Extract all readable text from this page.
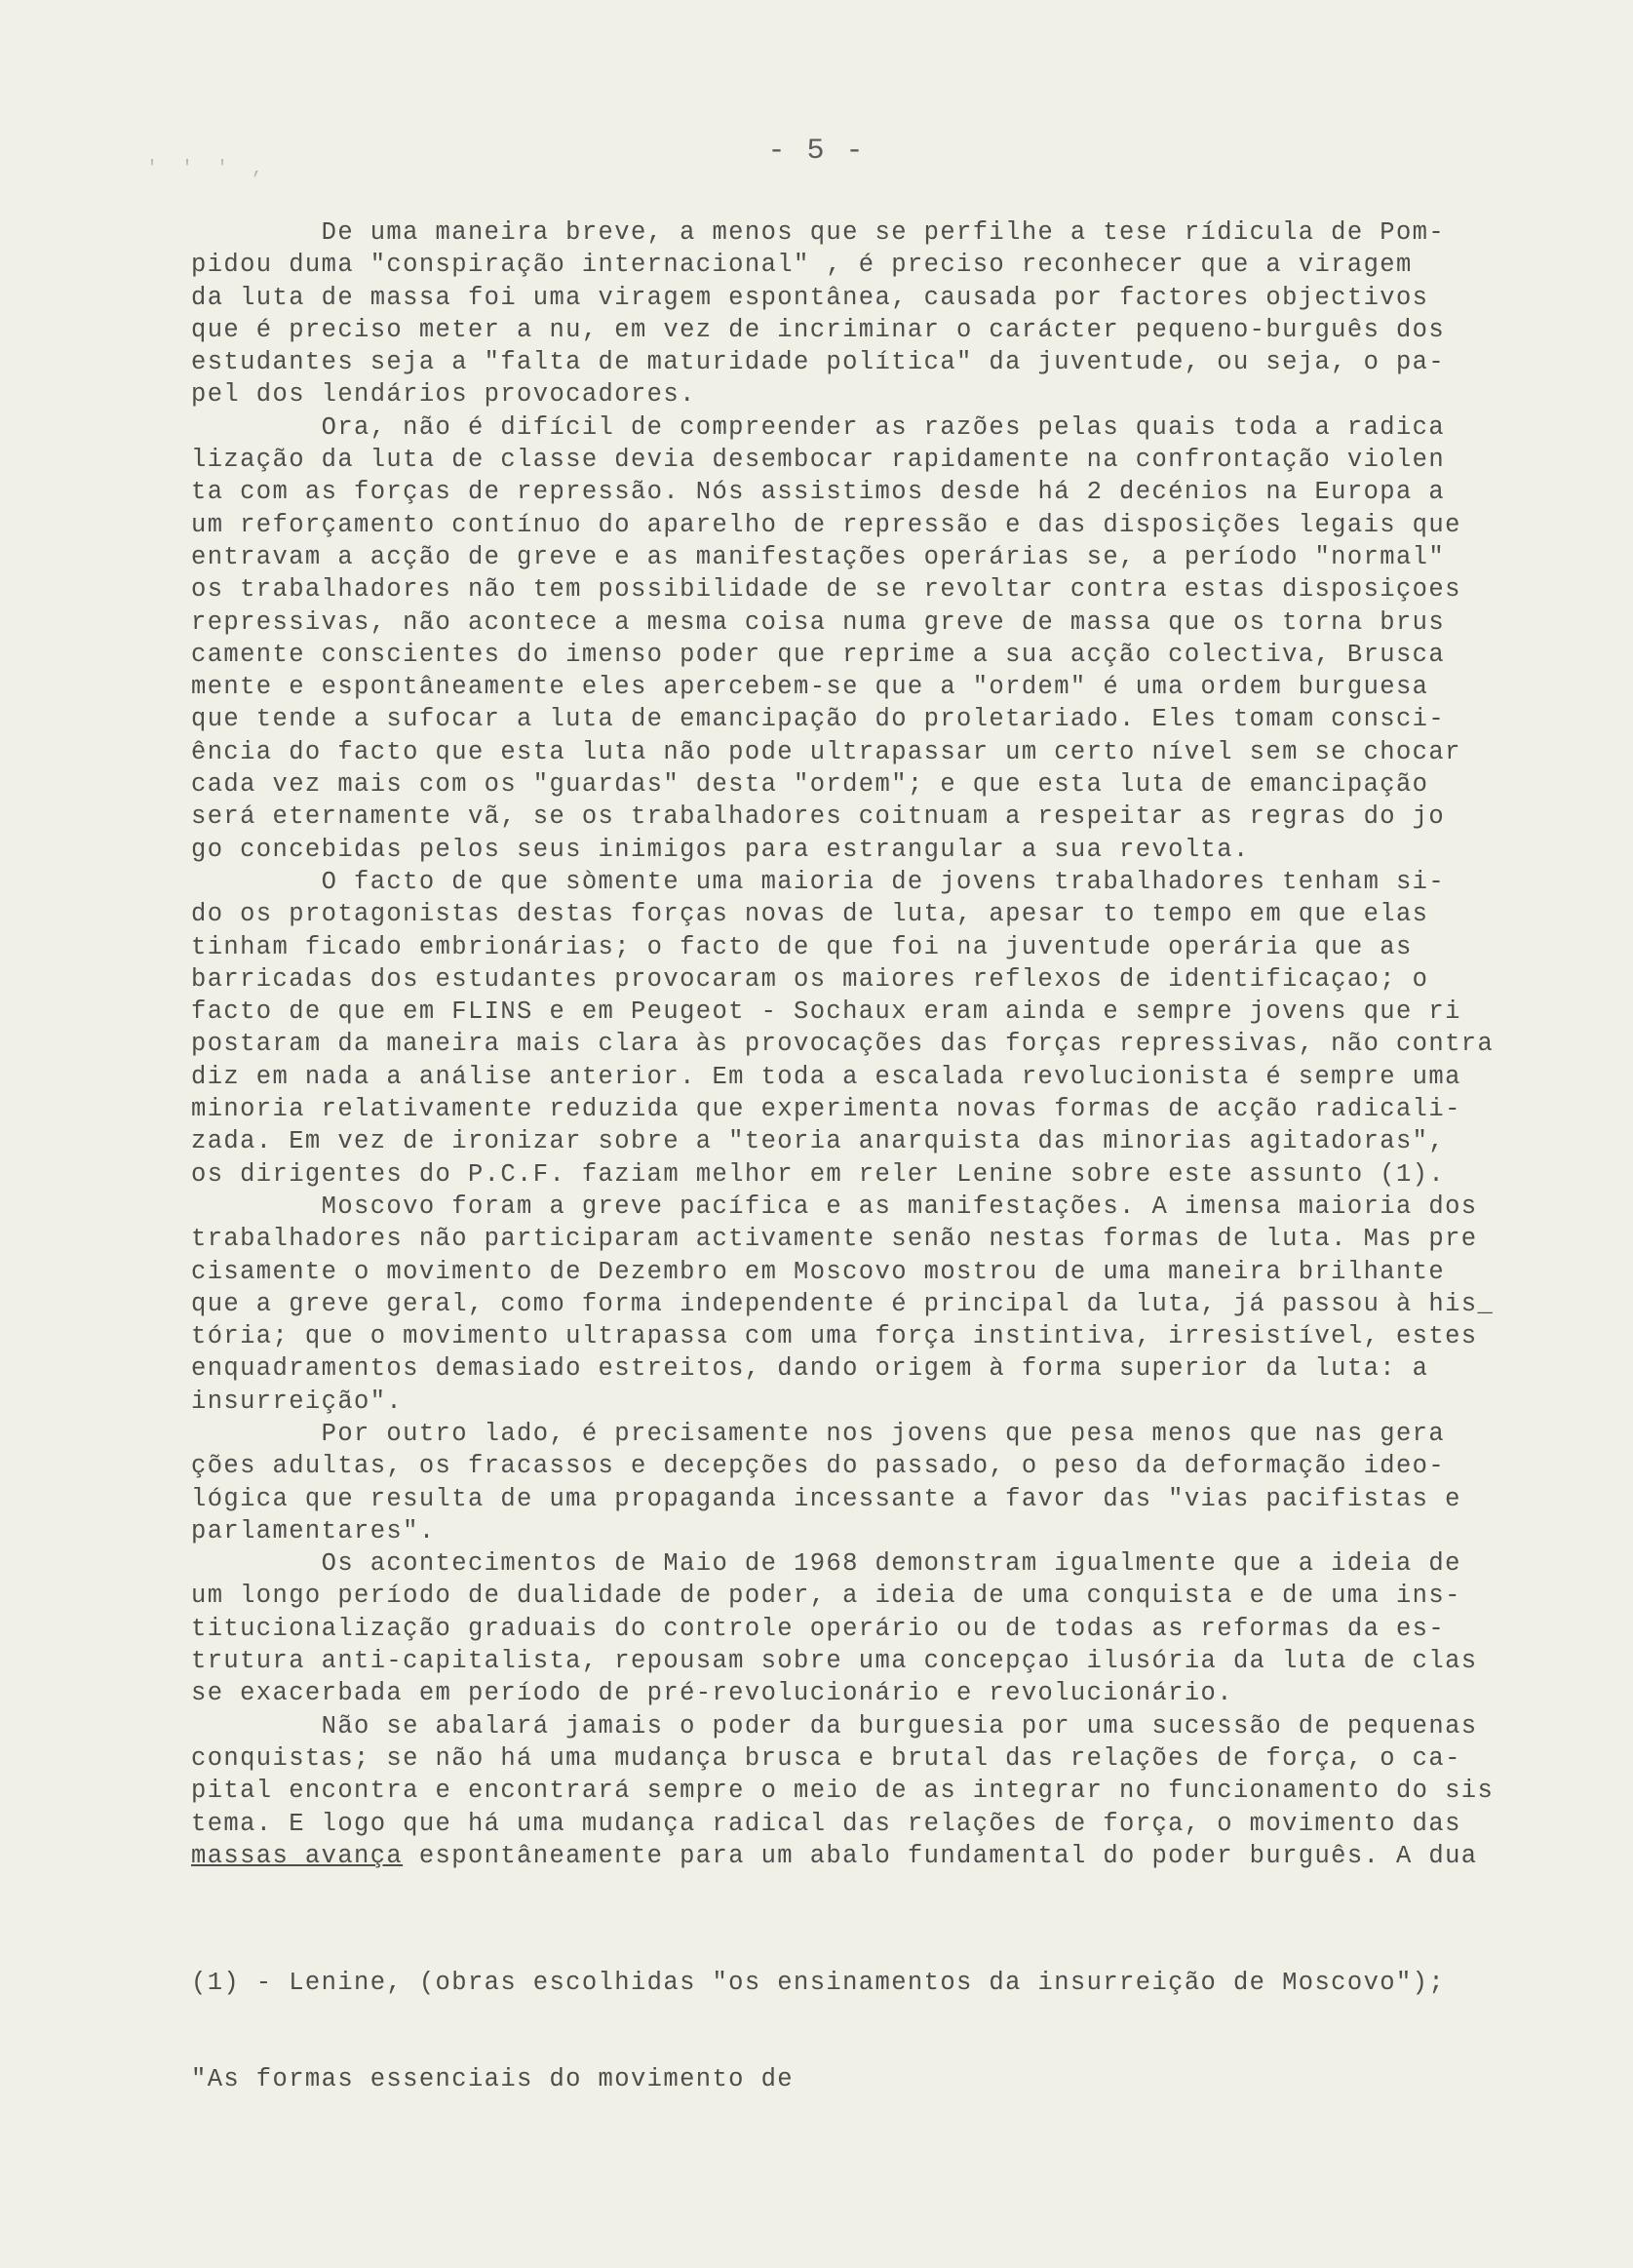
' ' ' ,
- 5 -
De uma maneira breve, a menos que se perfilhe a tese rídicula de Pom-
pidou duma "conspiração internacional" , é preciso reconhecer que a viragem
da luta de massa foi uma viragem espontânea, causada por factores objectivos
que é preciso meter a nu, em vez de incriminar o carácter pequeno-burguês dos
estudantes seja a "falta de maturidade política" da juventude, ou seja, o pa-
pel dos lendários provocadores.
Ora, não é difícil de compreender as razões pelas quais toda a radica
lização da luta de classe devia desembocar rapidamente na confrontação violen
ta com as forças de repressão. Nós assistimos desde há 2 decénios na Europa a
um reforçamento contínuo do aparelho de repressão e das disposições legais que
entravam a acção de greve e as manifestações operárias se, a período "normal"
os trabalhadores não tem possibilidade de se revoltar contra estas disposiçoes
repressivas, não acontece a mesma coisa numa greve de massa que os torna brus
camente conscientes do imenso poder que reprime a sua acção colectiva, Brusca
mente e espontâneamente eles apercebem-se que a "ordem" é uma ordem burguesa
que tende a sufocar a luta de emancipação do proletariado. Eles tomam consci-
ência do facto que esta luta não pode ultrapassar um certo nível sem se chocar
cada vez mais com os "guardas" desta "ordem"; e que esta luta de emancipação
será eternamente vã, se os trabalhadores coitnuam a respeitar as regras do jo
go concebidas pelos seus inimigos para estrangular a sua revolta.
O facto de que sòmente uma maioria de jovens trabalhadores tenham si-
do os protagonistas destas forças novas de luta, apesar to tempo em que elas
tinham ficado embrionárias; o facto de que foi na juventude operária que as
barricadas dos estudantes provocaram os maiores reflexos de identificaçao; o
facto de que em FLINS e em Peugeot - Sochaux eram ainda e sempre jovens que ri
postaram da maneira mais clara às provocações das forças repressivas, não contra
diz em nada a análise anterior. Em toda a escalada revolucionista é sempre uma
minoria relativamente reduzida que experimenta novas formas de acção radicali-
zada. Em vez de ironizar sobre a "teoria anarquista das minorias agitadoras",
os dirigentes do P.C.F. faziam melhor em reler Lenine sobre este assunto (1).
Moscovo foram a greve pacífica e as manifestações. A imensa maioria dos
trabalhadores não participaram activamente senão nestas formas de luta. Mas pre
cisamente o movimento de Dezembro em Moscovo mostrou de uma maneira brilhante
que a greve geral, como forma independente é principal da luta, já passou à his_
tória; que o movimento ultrapassa com uma força instintiva, irresistível, estes
enquadramentos demasiado estreitos, dando origem à forma superior da luta: a
insurreição".
Por outro lado, é precisamente nos jovens que pesa menos que nas gera
ções adultas, os fracassos e decepções do passado, o peso da deformação ideo-
lógica que resulta de uma propaganda incessante a favor das "vias pacifistas e
parlamentares".
Os acontecimentos de Maio de 1968 demonstram igualmente que a ideia de
um longo período de dualidade de poder, a ideia de uma conquista e de uma ins-
titucionalização graduais do controle operário ou de todas as reformas da es-
trutura anti-capitalista, repousam sobre uma concepçao ilusória da luta de clas
se exacerbada em período de pré-revolucionário e revolucionário.
Não se abalará jamais o poder da burguesia por uma sucessão de pequenas
conquistas; se não há uma mudança brusca e brutal das relações de força, o ca-
pital encontra e encontrará sempre o meio de as integrar no funcionamento do sis
tema. E logo que há uma mudança radical das relações de força, o movimento das
massas avança espontâneamente para um abalo fundamental do poder burguês. A dua

(1) - Lenine, (obras escolhidas "os ensinamentos da insurreição de Moscovo");

"As formas essenciais do movimento de
